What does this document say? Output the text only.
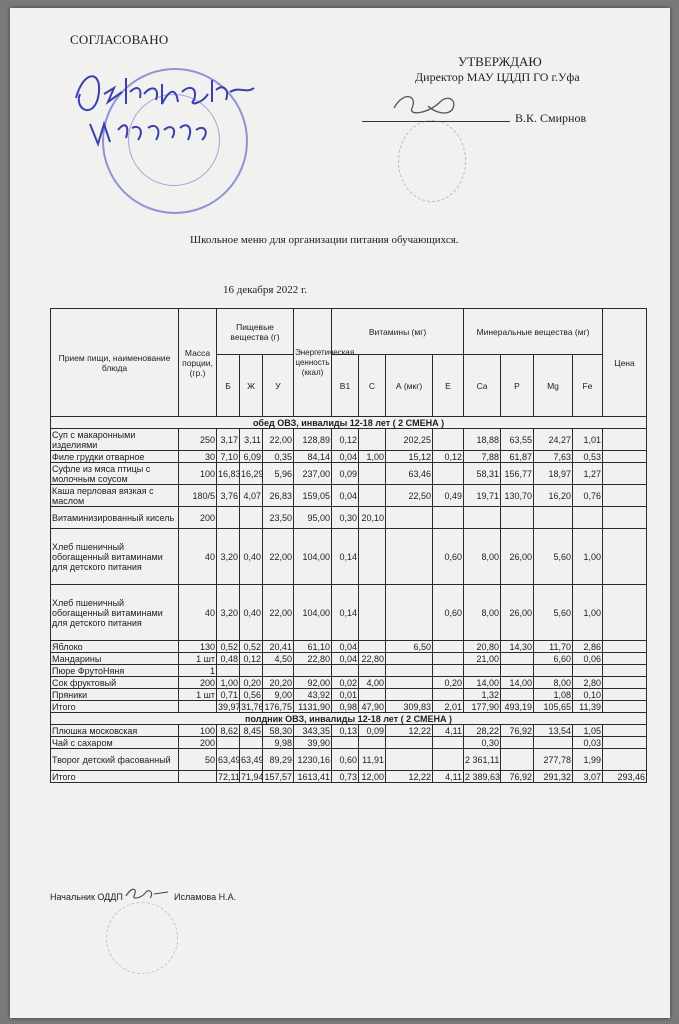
СОГЛАСОВАНО
УТВЕРЖДАЮ
Директор МАУ ЦДДП ГО г.Уфа
В.К. Смирнов
Школьное меню для организации питания обучающихся.
16 декабря 2022 г.
Прием пищи, наименование блюда	Масса порции, (гр.)	Пищевые вещества (г)			Энергетическая ценность (ккал)	Витамины (мг)				Минеральные вещества (мг)				Цена
		Б	Ж	У		B1	C	А (мкг)	E	Ca	P	Mg	Fe	
обед ОВЗ, инвалиды 12-18 лет ( 2 СМЕНА )														
Суп с макаронными изделиями	250	3,17	3,11	22,00	128,89	0,12		202,25		18,88	63,55	24,27	1,01	
Филе грудки отварное	30	7,10	6,09	0,35	84,14	0,04	1,00	15,12	0,12	7,88	61,87	7,63	0,53	
Суфле из мяса птицы с молочным соусом	100	16,83	16,29	5,96	237,00	0,09		63,46		58,31	156,77	18,97	1,27	
Каша перловая вязкая с маслом	180/5	3,76	4,07	26,83	159,05	0,04		22,50	0,49	19,71	130,70	16,20	0,76	
Витаминизированный кисель	200			23,50	95,00	0,30	20,10							
Хлеб пшеничный обогащенный витаминами для детского питания	40	3,20	0,40	22,00	104,00	0,14			0,60	8,00	26,00	5,60	1,00	
Хлеб пшеничный обогащенный витаминами для детского питания	40	3,20	0,40	22,00	104,00	0,14			0,60	8,00	26,00	5,60	1,00	
Яблоко	130	0,52	0,52	20,41	61,10	0,04		6,50		20,80	14,30	11,70	2,86	
Мандарины	1 шт	0,48	0,12	4,50	22,80	0,04	22,80			21,00		6,60	0,06	
Пюре ФрутоНяня	1													
Сок фруктовый	200	1,00	0,20	20,20	92,00	0,02	4,00		0,20	14,00	14,00	8,00	2,80	
Пряники	1 шт	0,71	0,56	9,00	43,92	0,01				1,32		1,08	0,10	
Итого		39,97	31,76	176,75	1131,90	0,98	47,90	309,83	2,01	177,90	493,19	105,65	11,39	
полдник ОВЗ, инвалиды 12-18 лет ( 2 СМЕНА )														
Плюшка московская	100	8,62	8,45	58,30	343,35	0,13	0,09	12,22	4,11	28,22	76,92	13,54	1,05	
Чай с сахаром	200			9,98	39,90					0,30			0,03	
Творог детский фасованный	50	63,49	63,49	89,29	1230,16	0,60	11,91			2 361,11		277,78	1,99	
Итого		72,11	71,94	157,57	1613,41	0,73	12,00	12,22	4,11	2 389,63	76,92	291,32	3,07	293,46
Начальник ОДДП	Исламова Н.А.
